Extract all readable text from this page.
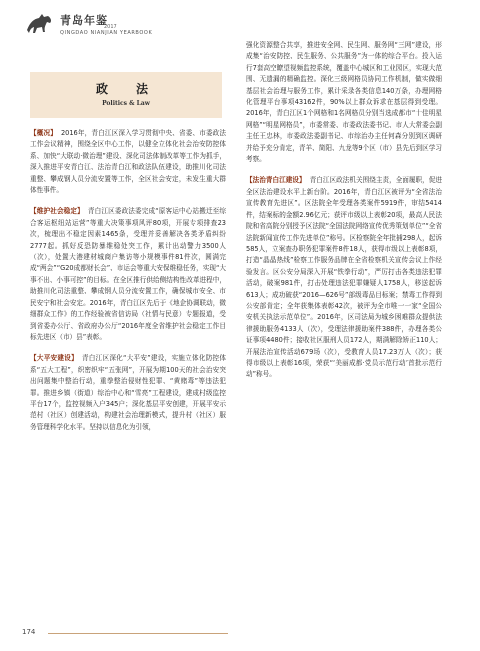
青岛年鉴
2017
QINGDAO NIANJIAN YEARBOOK
政　法
Politics & Law

【概况】 2016年，青白江区深入学习贯彻中央、省委、市委政法工作会议精神，围绕全区中心工作，以健全立体化社会治安防控体系、加快“大联动·微治理”建设、深化司法体制改革等工作为抓手，深入推进平安青白江、法治青白江和政法队伍建设，助推川化司法重整、攀成钢人员分流安置等工作，全区社会安定，未发生重大群体性事件。

【维护社会稳定】 青白江区委政法委完成“原客运中心站搬迁至综合客运枢纽站运营”等重大决策事项风评80项，开展专项排查23次，梳理出不稳定因素1465条，受理并妥善解决各类矛盾纠纷2777起。抓好反恐防暴维稳处突工作，累计出动警力3500人（次），处置大港建材城商户集访等小规模事件81件次，圆满完成“两会”“G20成都财长会”、市运会等重大安保维稳任务，实现“大事不出、小事可控”的目标。在全区推行供给侧结构性改革进程中，助推川化司法重整、攀成钢人员分流安置工作，确保城市安全、市民安宁和社会安定。2016年，青白江区先后于《地企协调联动，微细群众工作》的工作经验被省信访局（社情与民意）专题报道，受到省委办公厅、省政府办公厅“2016年度全省维护社会稳定工作目标先进区（市）县”表彰。

【大平安建设】 青白江区深化“大平安”建设，实施立体化防控体系“五大工程”，织密织牢“五张网”，开展为期100天的社会治安突出问题集中整治行动，重拳整治侵财性犯罪、“黄赌毒”等违法犯罪。推进乡镇（街道）综治中心和“雪亮”工程建设，建成村级监控平台17个，监控视频入户345户；深化基层平安创建，开展平安示范村（社区）创建活动，构建社会治理新模式，提升村（社区）服务管理科学化水平。坚持以信息化为引领，

强化资源整合共享，推进安全网、民生网、服务网“三网”建设，形成集“治安防控、民生服务、公共服务”为一体的综合平台。投入运行7套高空瞭望视频监控系统，覆盖中心城区和工业园区，实现大范围、无遗漏的精确监控。深化三级网格员协同工作机制，做实做细基层社会治理与服务工作，累计采录各类信息140万条，办理网格化管理平台事项43162件，90%以上群众诉求在基层得到受理。2016年，青白江区1个网格和1名网格员分别当选成都市“十佳明星网格”“明星网格员”，市委常委、市委政法委书记、市人大常委会副主任王忠林，市委政法委副书记、市综治办主任何森分别到区调研并给予充分肯定，青羊、简阳、九龙等9个区（市）县先后到区学习考察。

【法治青白江建设】 青白江区政法机关围绕主责，全面履职，促进全区法治建设水平上新台阶。2016年，青白江区被评为“全省法治宣传教育先进区”。区法院全年受理各类案件5919件，审结5414件，结案标的金额2.96亿元；获评市级以上表彰20项，最高人民法院和省高院分别授予区法院“全国法院网络宣传优秀策划单位”“全省法院新闻宣传工作先进单位”称号。区检察院全年批捕298人，起诉585人，立案查办职务犯罪案件8件18人，获得市级以上表彰8项，打造“晶晶热线”检察工作服务品牌在全省检察机关宣传会议上作经验发言。区公安分局深入开展“铁拳行动”，严厉打击各类违法犯罪活动，破案981件，打击处理违法犯罪嫌疑人1758人，移送起诉613人；成功破获“2016—626号”部级毒品目标案；禁毒工作得到公安部肯定；全年获集体表彰42次，被评为全市唯一一家“全国公安机关执法示范单位”。2016年，区司法局为城乡困难群众提供法律援助服务4133人（次），受理法律援助案件388件，办理各类公证事项4480件；接收社区服刑人员172人，期满解除矫正110人；开展法治宣传活动679场（次），受教育人员17.23万人（次）；获得市级以上表彰16项，荣获“‘美丽成都·党员示范行动’首批示范行动”称号。

174
